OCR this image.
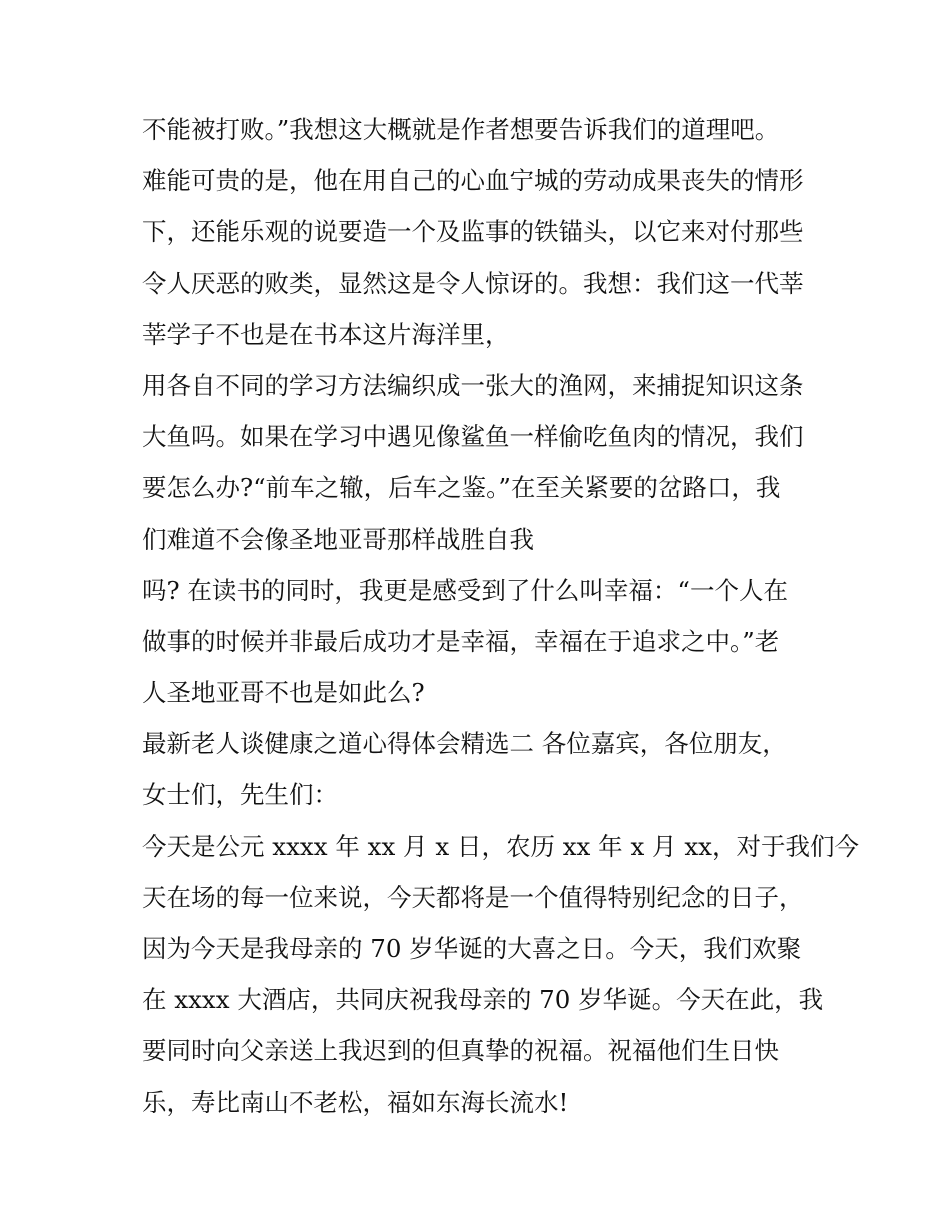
不能被打败。”我想这大概就是作者想要告诉我们的道理吧。
难能可贵的是，他在用自己的心血宁城的劳动成果丧失的情形
下，还能乐观的说要造一个及监事的铁锚头，以它来对付那些
令人厌恶的败类，显然这是令人惊讶的。我想：我们这一代莘
莘学子不也是在书本这片海洋里，
用各自不同的学习方法编织成一张大的渔网，来捕捉知识这条
大鱼吗。如果在学习中遇见像鲨鱼一样偷吃鱼肉的情况，我们
要怎么办?“前车之辙，后车之鉴。”在至关紧要的岔路口，我
们难道不会像圣地亚哥那样战胜自我
吗? 在读书的同时，我更是感受到了什么叫幸福：“一个人在
做事的时候并非最后成功才是幸福，幸福在于追求之中。”老
人圣地亚哥不也是如此么?
最新老人谈健康之道心得体会精选二 各位嘉宾，各位朋友，
女士们，先生们：
今天是公元 xxxx 年 xx 月 x 日，农历 xx 年 x 月 xx，对于我们今
天在场的每一位来说，今天都将是一个值得特别纪念的日子，
因为今天是我母亲的 70 岁华诞的大喜之日。今天，我们欢聚
在 xxxx 大酒店，共同庆祝我母亲的 70 岁华诞。今天在此，我
要同时向父亲送上我迟到的但真挚的祝福。祝福他们生日快
乐，寿比南山不老松，福如东海长流水!
